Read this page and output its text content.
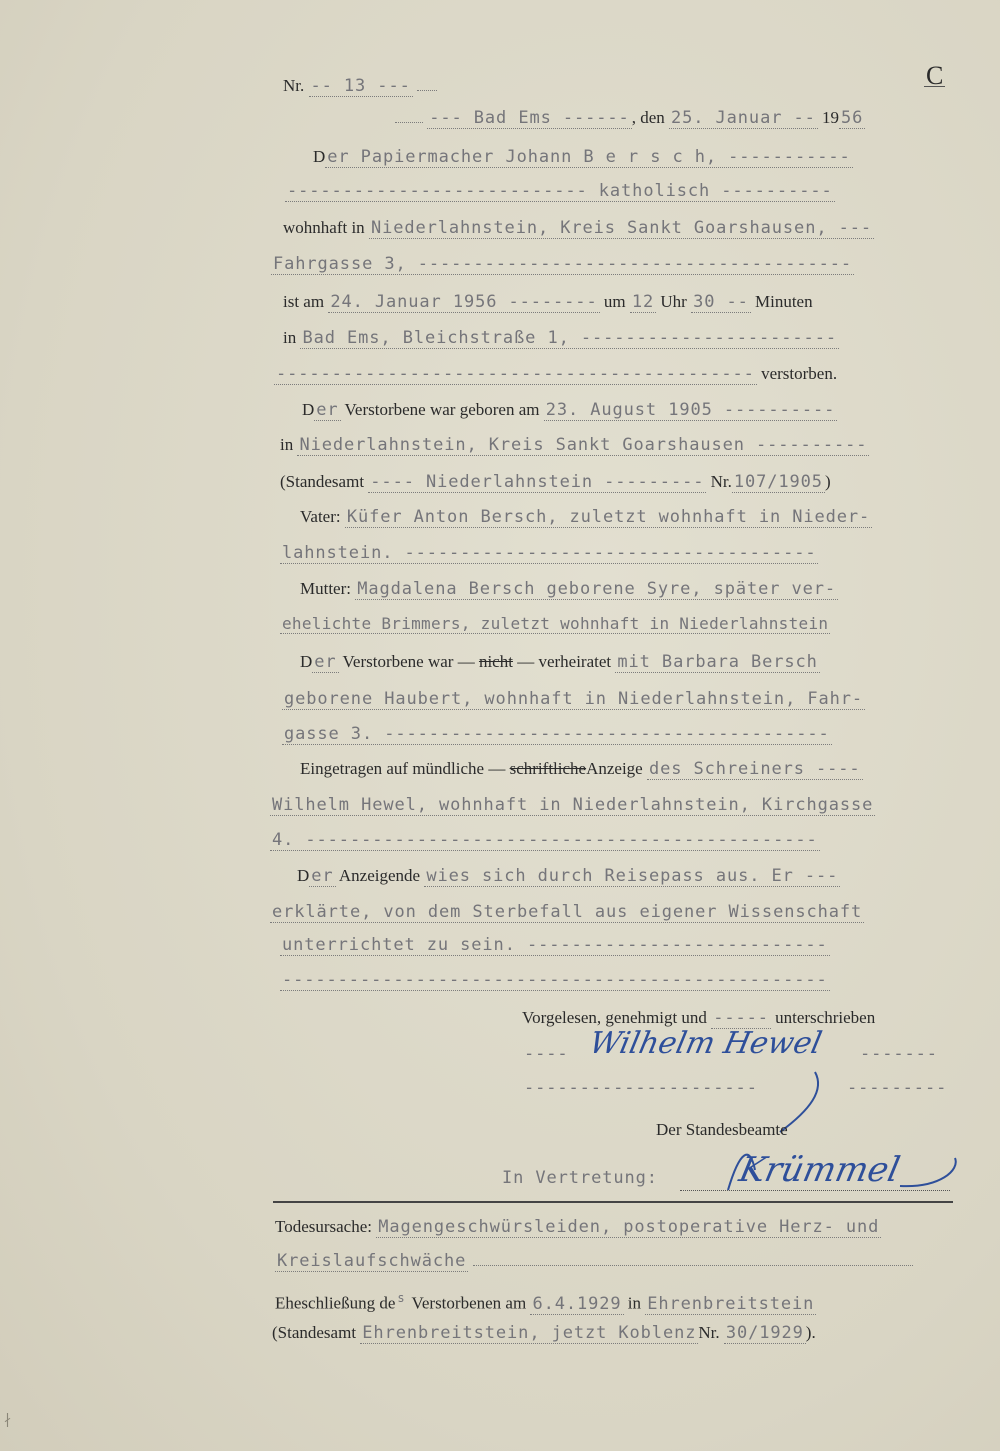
Nr. -- 13 ---	C
--- Bad Ems ------ , den 25. Januar -- 19 56
D er Papiermacher Johann B e r s c h, -----------
--------------------------- katholisch ----------
wohnhaft in Niederlahnstein, Kreis Sankt Goarshausen, ---
Fahrgasse 3, ---------------------------------------
ist am 24. Januar 1956 -------- um 12 Uhr 30 -- Minuten
in Bad Ems, Bleichstraße 1, -----------------------
------------------------------------------- verstorben.
D er Verstorbene war geboren am 23. August 1905 ----------
in Niederlahnstein, Kreis Sankt Goarshausen ----------
(Standesamt ---- Niederlahnstein --------- Nr. 107/1905 )
Vater: Küfer Anton Bersch, zuletzt wohnhaft in Nieder-
lahnstein. -------------------------------------
Mutter: Magdalena Bersch geborene Syre, später ver-
ehelichte Brimmers, zuletzt wohnhaft in Niederlahnstein
D er Verstorbene war — nicht — verheiratet mit Barbara Bersch
geborene Haubert, wohnhaft in Niederlahnstein, Fahr-
gasse 3. ----------------------------------------
Eingetragen auf mündliche — schriftlicheAnzeige des Schreiners ----
Wilhelm Hewel, wohnhaft in Niederlahnstein, Kirchgasse
4. ----------------------------------------------
D er Anzeigende wies sich durch Reisepass aus. Er ---
erklärte, von dem Sterbefall aus eigener Wissenschaft
unterrichtet zu sein. ---------------------------
-------------------------------------------------
Vorgelesen, genehmigt und ----- unterschrieben
---- Wilhelm Hewel -------
---------------------	---------
Der Standesbeamte
In Vertretung: Krümmel
Todesursache: Magengeschwürsleiden, postoperative Herz- und
Kreislaufschwäche
Eheschließung de $^s$ Verstorbenen am 6.4.1929 in Ehrenbreitstein
(Standesamt Ehrenbreitstein, jetzt Koblenz Nr. 30/1929 ).
∤
